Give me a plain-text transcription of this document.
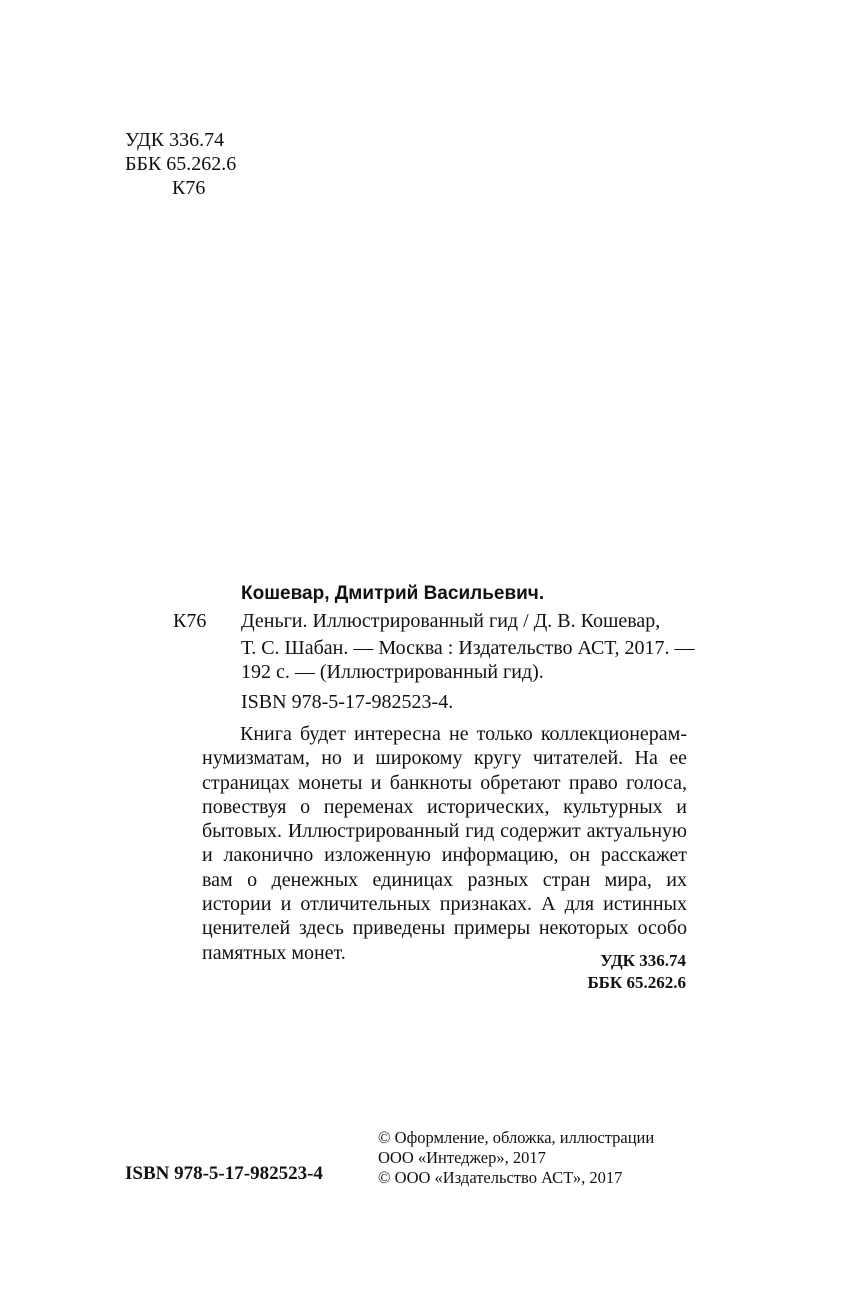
УДК 336.74
ББК 65.262.6
К76
Кошевар, Дмитрий Васильевич.
К76 Деньги. Иллюстрированный гид / Д. В. Кошевар,
Т. С. Шабан. — Москва : Издательство АСТ, 2017. —
192 с. — (Иллюстрированный гид).
ISBN 978-5-17-982523-4.

Книга будет интересна не только коллекционерам-нумизматам, но и широкому кругу читателей. На ее страницах монеты и банкноты обретают право голоса, повествуя о переменах исторических, культурных и бытовых. Иллюстрированный гид содержит актуальную и лаконично изложенную информацию, он расскажет вам о денежных единицах разных стран мира, их истории и отличительных признаках. А для истинных ценителей здесь приведены примеры некоторых особо памятных монет.	УДК 336.74
ББК 65.262.6
© Оформление, обложка, иллюстрации
ООО «Интеджер», 2017
© ООО «Издательство АСТ», 2017
ISBN 978-5-17-982523-4
